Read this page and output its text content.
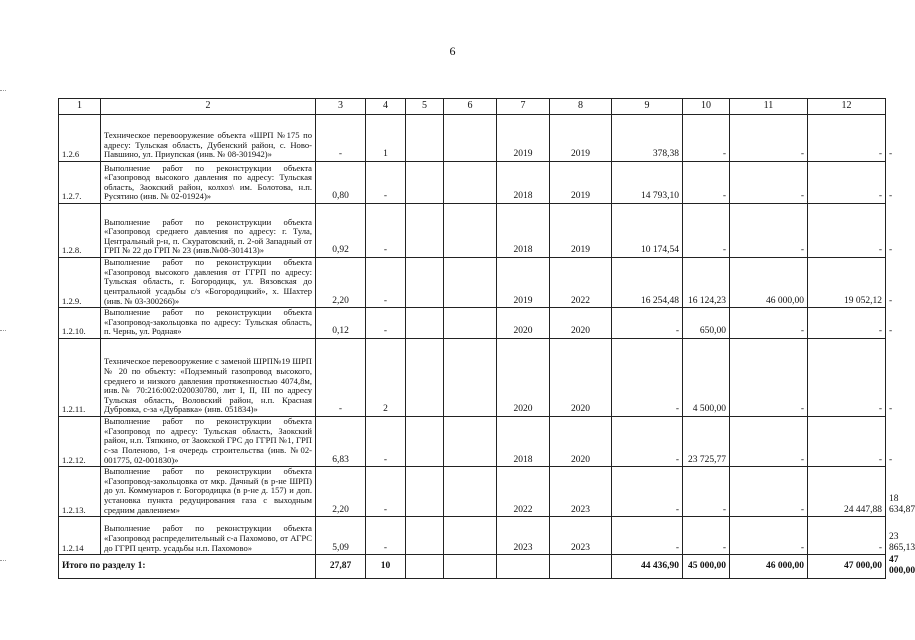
6
1	2	3	4	5	6	7	8	9	10	11	12	
1.2.6	Техническое перевооружение объекта «ШРП №175 по адресу: Тульская область, Дубенский район, с. Ново-Павшино, ул. Приупская (инв. № 08-301942)»	-	1			2019	2019	378,38	-	-	-	-
1.2.7.	Выполнение работ по реконструкции объекта «Газопровод высокого давления по адресу: Тульская область, Заокский район, колхоз\ им. Болотова, н.п. Русятино (инв. № 02-01924)»	0,80	-			2018	2019	14 793,10	-	-	-	-
1.2.8.	Выполнение работ по реконструкции объекта «Газопровод среднего давления по адресу: г. Тула, Центральный р-н, п. Скуратовский, п. 2-ой Западный от ГРП № 22 до ГРП № 23 (инв.№08-301413)»	0,92	-			2018	2019	10 174,54	-	-	-	-
1.2.9.	Выполнение работ по реконструкции объекта «Газопровод высокого давления от ГГРП по адресу: Тульская область, г. Богородицк, ул. Вязовская до центральной усадьбы с/з «Богородицкий», х. Шахтер (инв. № 03-300266)»	2,20	-			2019	2022	16 254,48	16 124,23	46 000,00	19 052,12	-
1.2.10.	Выполнение работ по реконструкции объекта «Газопровод-закольцовка по адресу: Тульская область, п. Чернь, ул. Родная»	0,12	-			2020	2020	-	650,00	-	-	-
1.2.11.	Техническое перевооружение с заменой ШРП№19 ШРП № 20 по объекту: «Подземный газопровод высокого, среднего и низкого давления протяженностью 4074,8м, инв.№ 70:216:002:020030780, лит I, II, III по адресу Тульская область, Воловский район, н.п. Красная Дубровка, с-за «Дубравка» (инв. 051834)»	-	2			2020	2020	-	4 500,00	-	-	-
1.2.12.	Выполнение работ по реконструкции объекта «Газопровод по адресу: Тульская область, Заокский район, н.п. Тяпкино, от Заокской ГРС до ГГРП №1, ГРП с-за Поленово, 1-я очередь строительства (инв. №02-001775, 02-001830)»	6,83	-			2018	2020	-	23 725,77	-	-	-
1.2.13.	Выполнение работ по реконструкции объекта «Газопровод-закольцовка от мкр. Дачный (в р-не ШРП) до ул. Коммунаров г. Богородицка (в р-не д. 157) и доп. установка пункта редуцирования газа с выходным средним давлением»	2,20	-			2022	2023	-	-	-	24 447,88	18 634,87
1.2.14	Выполнение работ по реконструкции объекта «Газопровод распределительный с-а Пахомово, от АГРС до ГГРП центр. усадьбы н.п. Пахомово»	5,09	-			2023	2023	-	-	-	-	23 865,13
Итого по разделу 1:		27,87	10					44 436,90	45 000,00	46 000,00	47 000,00	47 000,00
